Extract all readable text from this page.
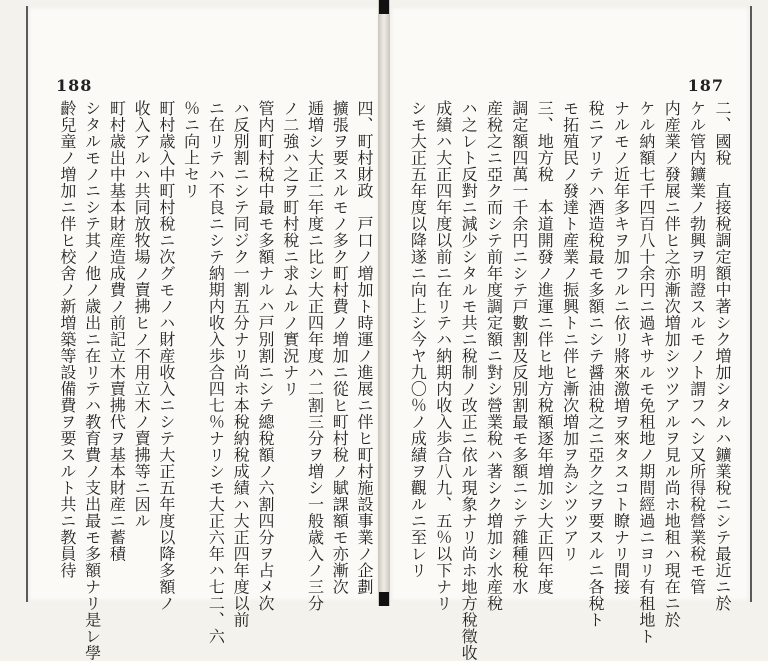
188
四、町村財政　戸口ノ増加ト時運ノ進展ニ伴ヒ町村施設事業ノ企劃
擴張ヲ要スルモノ多ク町村費ノ増加ニ從ヒ町村稅ノ賦課額モ亦漸次
逓増シ大正二年度ニ比シ大正四年度ハ二割三分ヲ増シ一般歳入ノ三分
ノ二強ハ之ヲ町村稅ニ求ムルノ實況ナリ
管内町村稅中最モ多額ナルハ戸別割ニシテ總稅額ノ六割四分ヲ占メ次
ハ反別割ニシテ同ジク一割五分ナリ尚ホ本稅納稅成績ハ大正四年度以前
ニ在リテハ不良ニシテ納期内收入歩合四七％ナリシモ大正六年ハ七二、六
％ニ向上セリ
町村歳入中町村稅ニ次グモノハ財産收入ニシテ大正五年度以降多額ノ
收入アルハ共同放牧場ノ賣拂ヒノ不用立木ノ賣拂等ニ因ル
町村歳出中基本財産造成費ノ前記立木賣拂代ヲ基本財産ニ蓄積
シタルモノニシテ其ノ他ノ歳出ニ在リテハ教育費ノ支出最モ多額ナリ是レ學
齡兒童ノ増加ニ伴ヒ校舍ノ新増築等設備費ヲ要スルト共ニ教員待
187
二、國稅　直接稅調定額中著シク増加シタルハ鑛業稅ニシテ最近ニ於
ケル管内鑛業ノ勃興ヲ明證スルモノト謂フヘシ又所得稅營業稅モ管
内産業ノ發展ニ伴ヒ之亦漸次増加シツツアルヲ見ル尚ホ地租ハ現在ニ於
ケル納額七千四百八十余円ニ過キサルモ免租地ノ期間經過ニヨリ有租地ト
ナルモノ近年多キヲ加フルニ依リ將來激増ヲ來タスコト瞭ナリ間接
稅ニアリテハ酒造稅最モ多額ニシテ醤油稅之ニ亞ク之ヲ要スルニ各稅ト
モ拓殖民ノ發達ト産業ノ振興トニ伴ヒ漸次増加ヲ為シツツアリ
三、地方稅　本道開發ノ進運ニ伴ヒ地方稅額逐年増加シ大正四年度
調定額四萬一千余円ニシテ戸數割及反別割最モ多額ニシテ雜種稅水
産稅之ニ亞ク而シテ前年度調定額ニ對シ營業稅ハ著シク増加シ水産稅
ハ之レト反對ニ減少シタルモ共ニ稅制ノ改正ニ依ル現象ナリ尚ホ地方稅徵收
成績ハ大正四年度以前ニ在リテハ納期内收入歩合八九、五％以下ナリ
シモ大正五年度以降遂ニ向上シ今ヤ九〇％ノ成績ヲ觀ルニ至レリ
